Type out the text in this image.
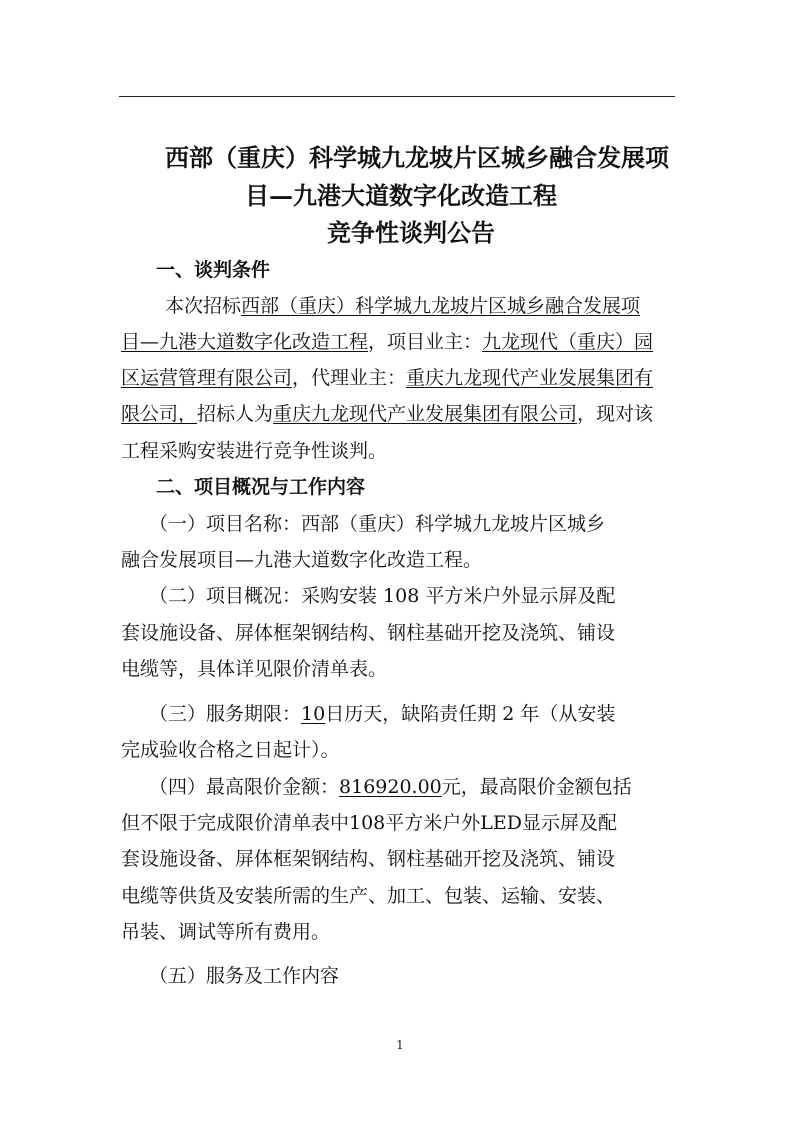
西部（重庆）科学城九龙坡片区城乡融合发展项
目—九港大道数字化改造工程
竞争性谈判公告
一、谈判条件
本次招标西部（重庆）科学城九龙坡片区城乡融合发展项
目—九港大道数字化改造工程，项目业主：九龙现代（重庆）园
区运营管理有限公司，代理业主：重庆九龙现代产业发展集团有
限公司，招标人为重庆九龙现代产业发展集团有限公司，现对该
工程采购安装进行竞争性谈判。
二、项目概况与工作内容
（一）项目名称：西部（重庆）科学城九龙坡片区城乡
融合发展项目—九港大道数字化改造工程。
（二）项目概况：采购安装 108 平方米户外显示屏及配
套设施设备、屏体框架钢结构、钢柱基础开挖及浇筑、铺设
电缆等，具体详见限价清单表。
（三）服务期限：10日历天，缺陷责任期 2 年（从安装
完成验收合格之日起计）。
（四）最高限价金额：816920.00元，最高限价金额包括
但不限于完成限价清单表中108平方米户外LED显示屏及配
套设施设备、屏体框架钢结构、钢柱基础开挖及浇筑、铺设
电缆等供货及安装所需的生产、加工、包装、运输、安装、
吊装、调试等所有费用。
（五）服务及工作内容
1
